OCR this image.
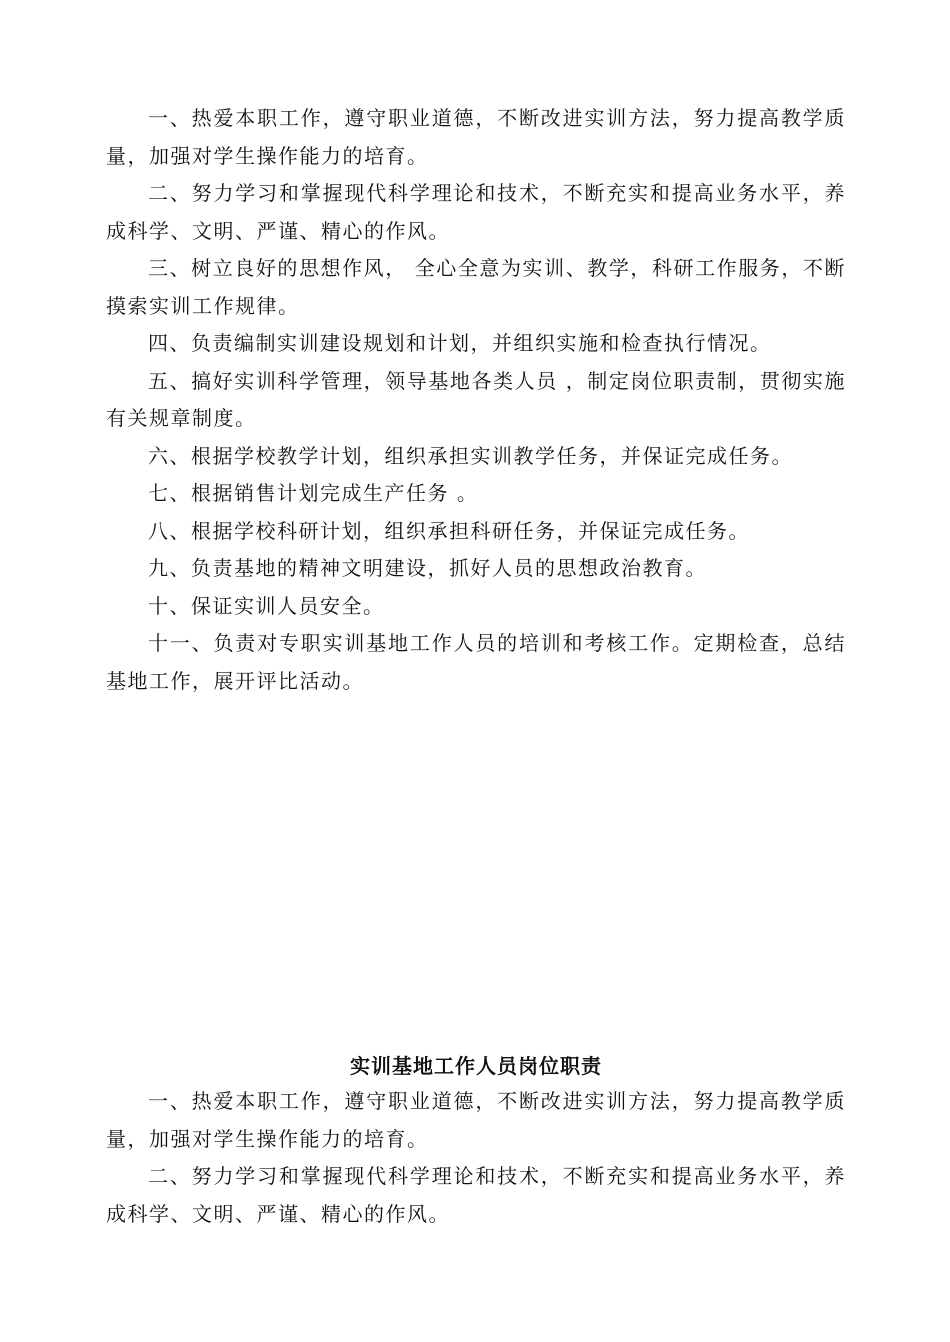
一、热爱本职工作，遵守职业道德，不断改进实训方法，努力提高教学质量，加强对学生操作能力的培育。

二、努力学习和掌握现代科学理论和技术，不断充实和提高业务水平，养成科学、文明、严谨、精心的作风。

三、树立良好的思想作风， 全心全意为实训、教学，科研工作服务，不断摸索实训工作规律。

四、负责编制实训建设规划和计划，并组织实施和检查执行情况。

五、搞好实训科学管理，领导基地各类人员 ，制定岗位职责制，贯彻实施有关规章制度。

六、根据学校教学计划，组织承担实训教学任务，并保证完成任务。

七、根据销售计划完成生产任务 。

八、根据学校科研计划，组织承担科研任务，并保证完成任务。

九、负责基地的精神文明建设，抓好人员的思想政治教育。

十、保证实训人员安全。

十一、负责对专职实训基地工作人员的培训和考核工作。定期检查，总结基地工作，展开评比活动。

实训基地工作人员岗位职责

一、热爱本职工作，遵守职业道德，不断改进实训方法，努力提高教学质量，加强对学生操作能力的培育。

二、努力学习和掌握现代科学理论和技术，不断充实和提高业务水平，养成科学、文明、严谨、精心的作风。
